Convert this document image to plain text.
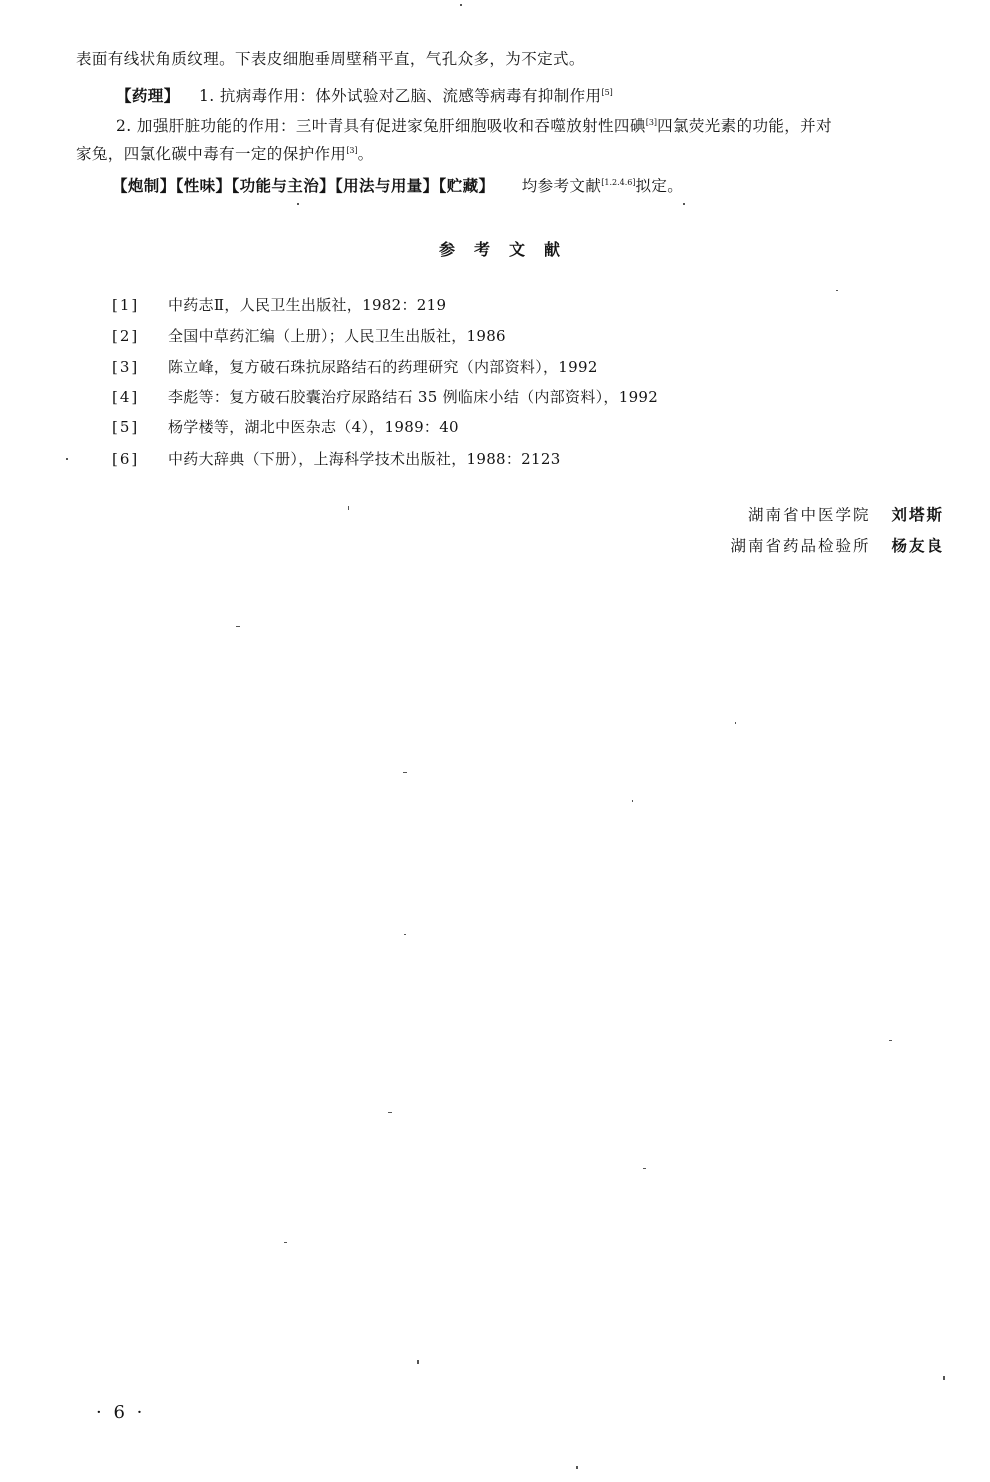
表面有线状角质纹理。下表皮细胞垂周壁稍平直，气孔众多，为不定式。
【药理】 1. 抗病毒作用：体外试验对乙脑、流感等病毒有抑制作用[5]
2. 加强肝脏功能的作用：三叶青具有促进家兔肝细胞吸收和吞噬放射性四碘[3]四氯荧光素的功能，并对
家兔，四氯化碳中毒有一定的保护作用[3]。
【炮制】【性味】【功能与主治】【用法与用量】【贮藏】 均参考文献[1.2.4.6]拟定。
参考文献
[1]	中药志Ⅱ，人民卫生出版社，1982：219
[2]	全国中草药汇编（上册）；人民卫生出版社，1986
[3]	陈立峰，复方破石珠抗尿路结石的药理研究（内部资料），1992
[4]	李彪等：复方破石胶囊治疗尿路结石 35 例临床小结（内部资料），1992
[5]	杨学楼等，湖北中医杂志（4），1989：40
[6]	中药大辞典（下册），上海科学技术出版社，1988：2123
湖南省中医学院 刘塔斯
湖南省药品检验所 杨友良
· 6 ·
